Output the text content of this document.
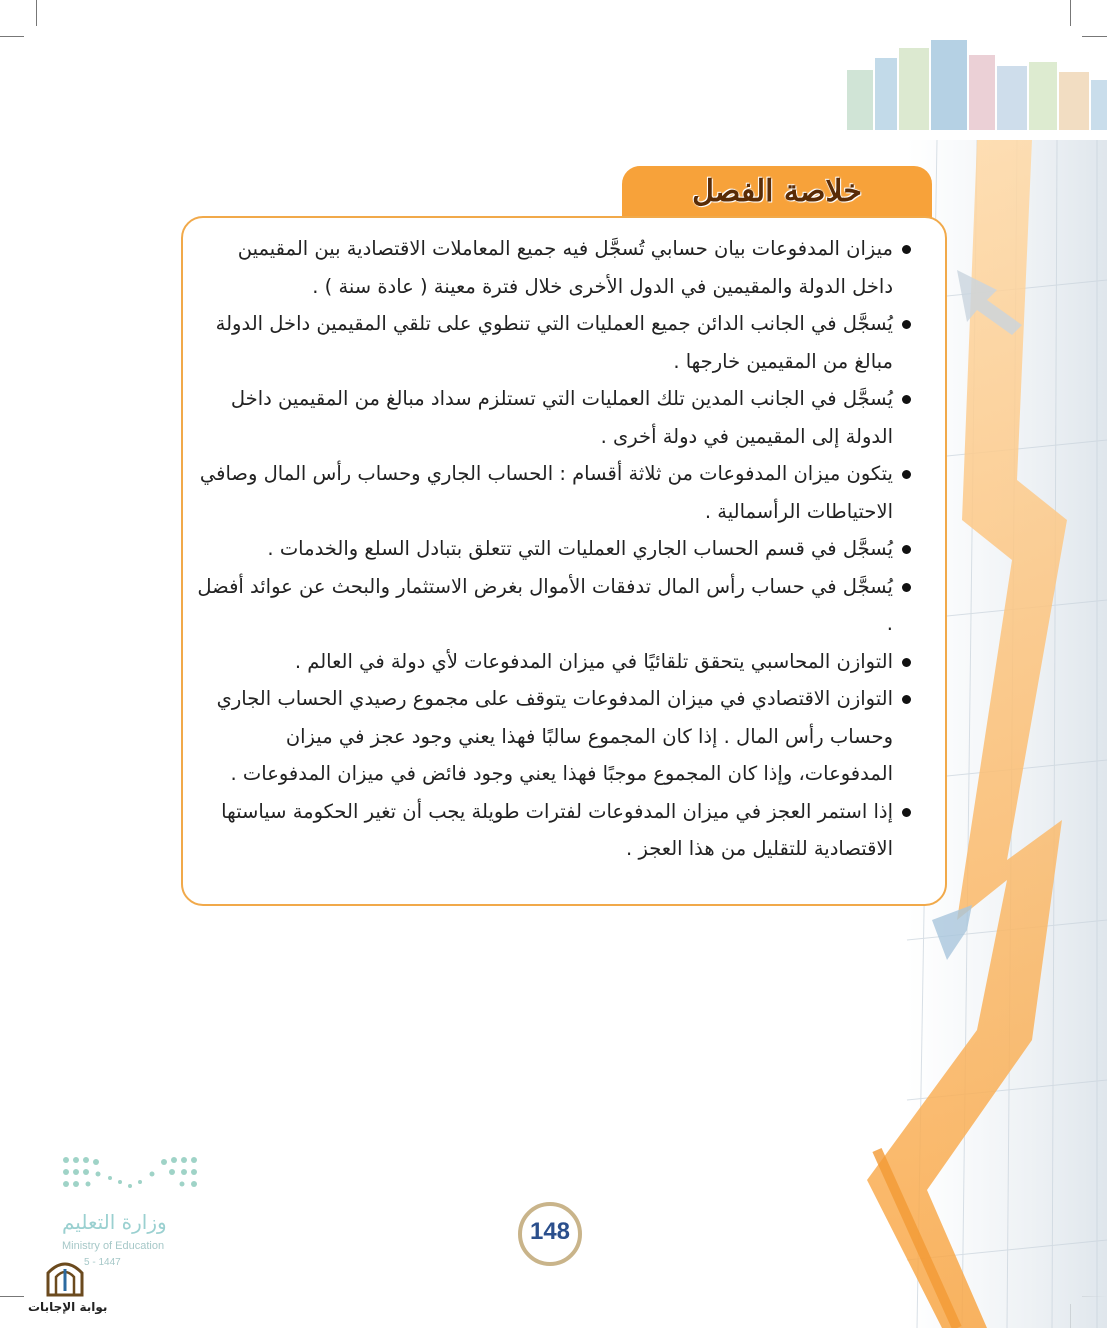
خلاصة الفصل
ميزان المدفوعات بيان حسابي تُسجَّل فيه جميع المعاملات الاقتصادية بين المقيمين داخل الدولة والمقيمين في الدول الأخرى خلال فترة معينة ( عادة سنة ) .
يُسجَّل في الجانب الدائن جميع العمليات التي تنطوي على تلقي المقيمين داخل الدولة مبالغ من المقيمين خارجها .
يُسجَّل في الجانب المدين تلك العمليات التي تستلزم سداد مبالغ من المقيمين داخل الدولة إلى المقيمين في دولة أخرى .
يتكون ميزان المدفوعات من ثلاثة أقسام : الحساب الجاري وحساب رأس المال وصافي الاحتياطات الرأسمالية .
يُسجَّل في قسم الحساب الجاري العمليات التي تتعلق بتبادل السلع والخدمات .
يُسجَّل في حساب رأس المال تدفقات الأموال بغرض الاستثمار والبحث عن عوائد أفضل .
التوازن المحاسبي يتحقق تلقائيًا في ميزان المدفوعات لأي دولة في العالم .
التوازن الاقتصادي في ميزان المدفوعات يتوقف على مجموع رصيدي الحساب الجاري وحساب رأس المال . إذا كان المجموع سالبًا فهذا يعني وجود عجز في ميزان المدفوعات، وإذا كان المجموع موجبًا فهذا يعني وجود فائض في ميزان المدفوعات .
إذا استمر العجز في ميزان المدفوعات لفترات طويلة يجب أن تغير الحكومة سياستها الاقتصادية للتقليل من هذا العجز .
وزارة التعليم
Ministry of Education
5 - 1447
بوابة الإجابات
148
